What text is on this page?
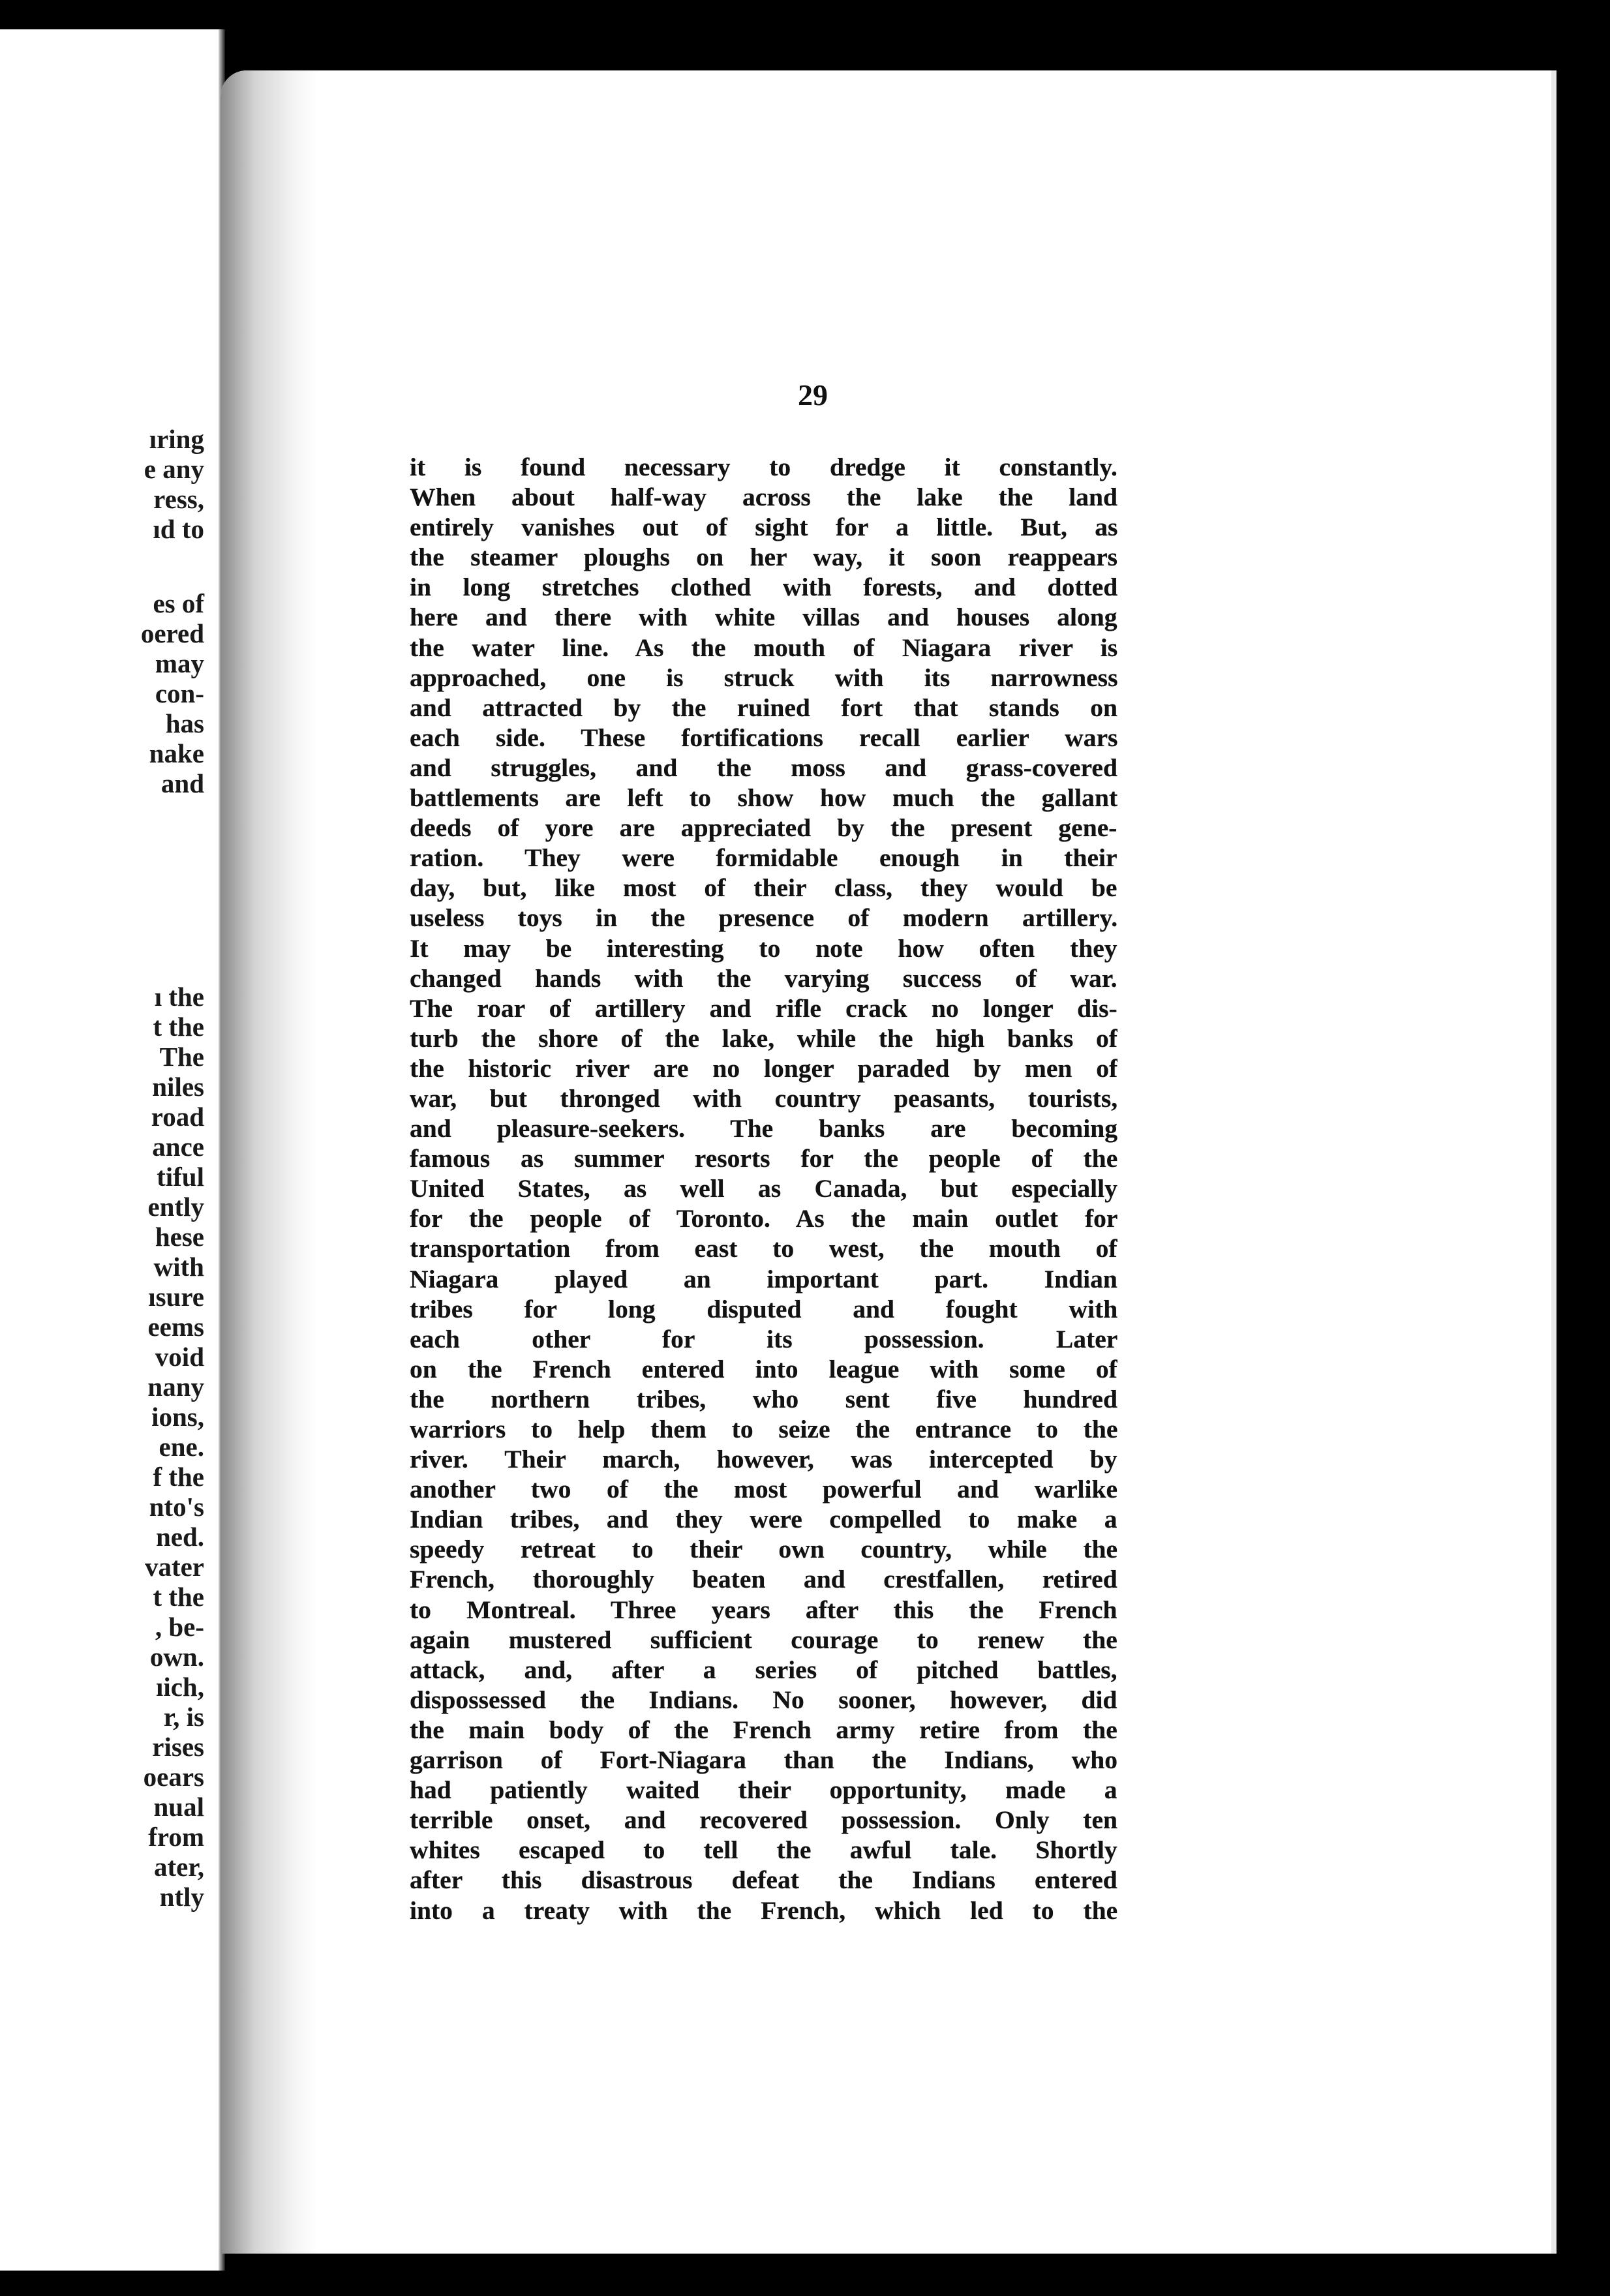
ıring
e any
ress,
ıd to
es of
oered
may
con-
has
nake
and
ı the
t the
The
niles
road
ance
tiful
ently
hese
with
ısure
eems
void
nany
ions,
ene.
f the
nto's
ned.
vater
t the
, be-
own.
ıich,
r, is
rises
oears
nual
from
ater,
ntly
29
it is found necessary to dredge it constantly.
When about half-way across the lake the land
entirely vanishes out of sight for a little. But, as
the steamer ploughs on her way, it soon reappears
in long stretches clothed with forests, and dotted
here and there with white villas and houses along
the water line. As the mouth of Niagara river is
approached, one is struck with its narrowness
and attracted by the ruined fort that stands on
each side. These fortifications recall earlier wars
and struggles, and the moss and grass-covered
battlements are left to show how much the gallant
deeds of yore are appreciated by the present gene-
ration. They were formidable enough in their
day, but, like most of their class, they would be
useless toys in the presence of modern artillery.
It may be interesting to note how often they
changed hands with the varying success of war.
The roar of artillery and rifle crack no longer dis-
turb the shore of the lake, while the high banks of
the historic river are no longer paraded by men of
war, but thronged with country peasants, tourists,
and pleasure-seekers. The banks are becoming
famous as summer resorts for the people of the
United States, as well as Canada, but especially
for the people of Toronto. As the main outlet for
transportation from east to west, the mouth of
Niagara played an important part. Indian
tribes for long disputed and fought with
each other for its possession. Later
on the French entered into league with some of
the northern tribes, who sent five hundred
warriors to help them to seize the entrance to the
river. Their march, however, was intercepted by
another two of the most powerful and warlike
Indian tribes, and they were compelled to make a
speedy retreat to their own country, while the
French, thoroughly beaten and crestfallen, retired
to Montreal. Three years after this the French
again mustered sufficient courage to renew the
attack, and, after a series of pitched battles,
dispossessed the Indians. No sooner, however, did
the main body of the French army retire from the
garrison of Fort-Niagara than the Indians, who
had patiently waited their opportunity, made a
terrible onset, and recovered possession. Only ten
whites escaped to tell the awful tale. Shortly
after this disastrous defeat the Indians entered
into a treaty with the French, which led to the
